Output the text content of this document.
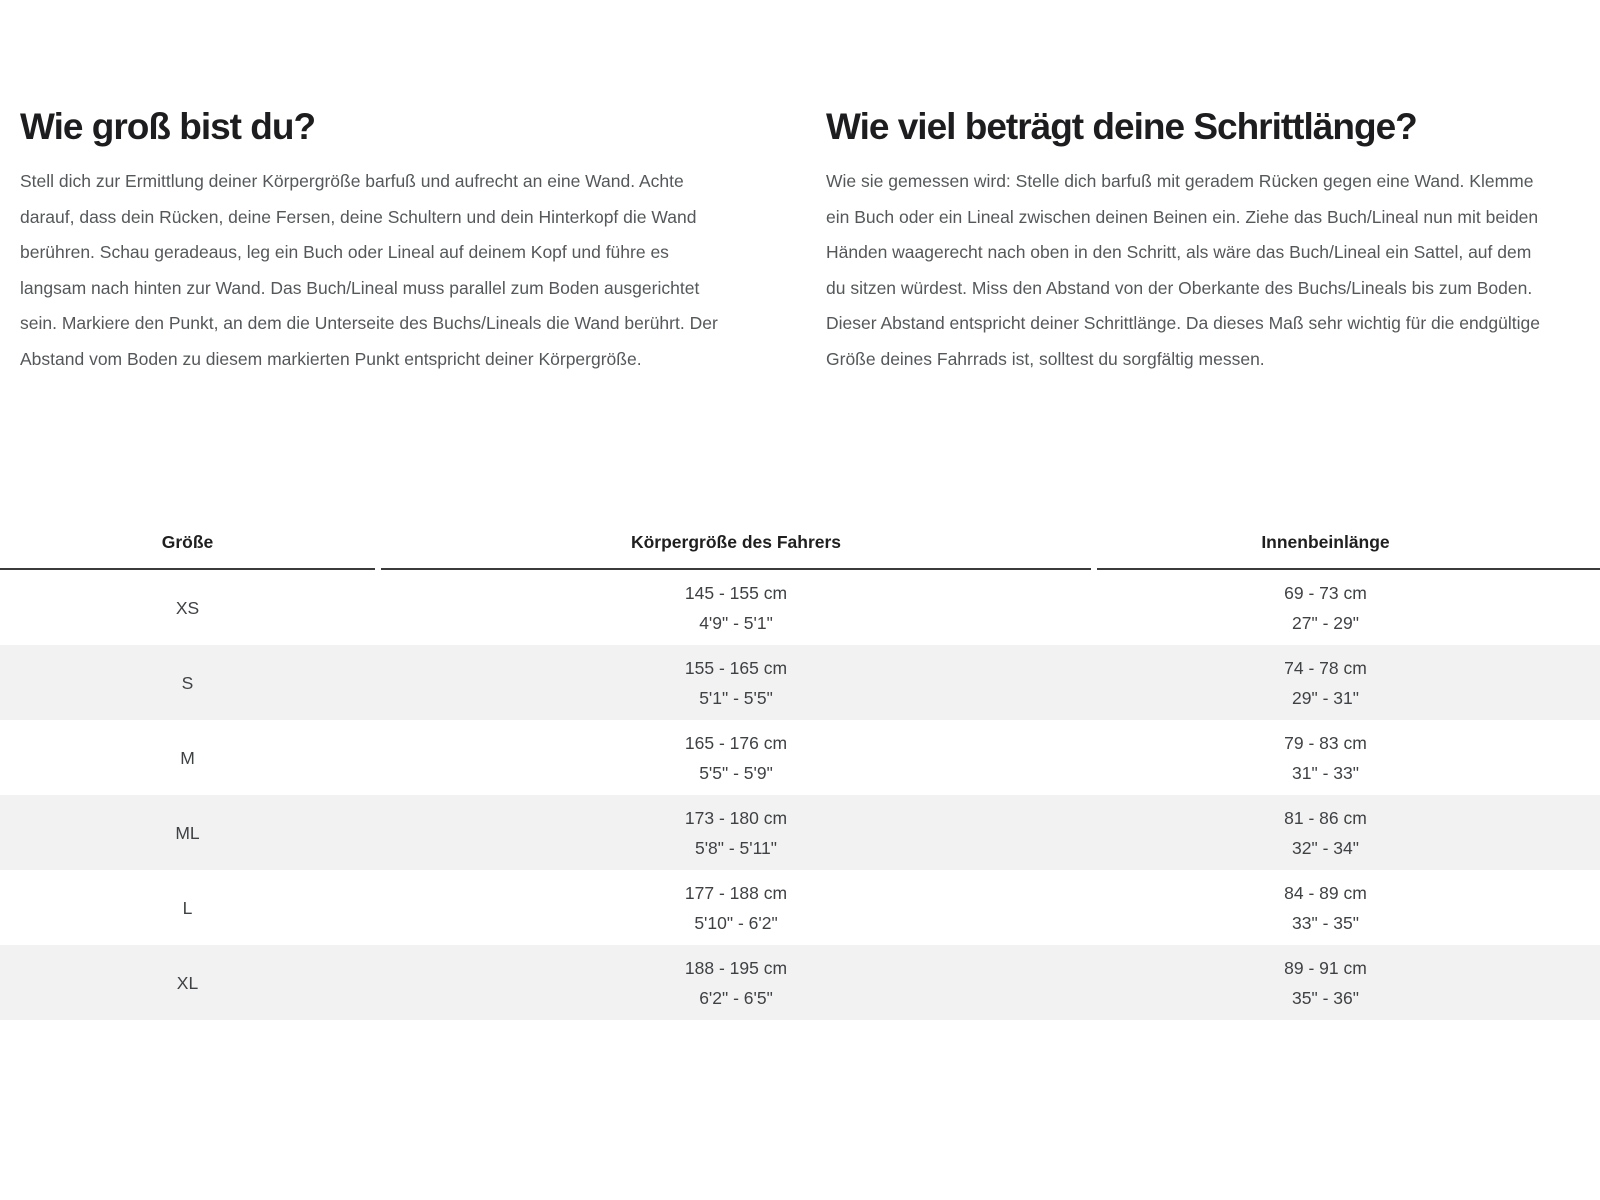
Wie groß bist du?

Stell dich zur Ermittlung deiner Körpergröße barfuß und aufrecht an eine Wand. Achte darauf, dass dein Rücken, deine Fersen, deine Schultern und dein Hinterkopf die Wand berühren. Schau geradeaus, leg ein Buch oder Lineal auf deinem Kopf und führe es langsam nach hinten zur Wand. Das Buch/Lineal muss parallel zum Boden ausgerichtet sein. Markiere den Punkt, an dem die Unterseite des Buchs/Lineals die Wand berührt. Der Abstand vom Boden zu diesem markierten Punkt entspricht deiner Körpergröße.

Wie viel beträgt deine Schrittlänge?

Wie sie gemessen wird: Stelle dich barfuß mit geradem Rücken gegen eine Wand. Klemme ein Buch oder ein Lineal zwischen deinen Beinen ein. Ziehe das Buch/Lineal nun mit beiden Händen waagerecht nach oben in den Schritt, als wäre das Buch/Lineal ein Sattel, auf dem du sitzen würdest. Miss den Abstand von der Oberkante des Buchs/Lineals bis zum Boden. Dieser Abstand entspricht deiner Schrittlänge. Da dieses Maß sehr wichtig für die endgültige Größe deines Fahrrads ist, solltest du sorgfältig messen.

Größe	Körpergröße des Fahrers	Innenbeinlänge
XS
145 - 155 cm
4'9" - 5'1"
69 - 73 cm
27" - 29"
S
155 - 165 cm
5'1" - 5'5"
74 - 78 cm
29" - 31"
M
165 - 176 cm
5'5" - 5'9"
79 - 83 cm
31" - 33"
ML
173 - 180 cm
5'8" - 5'11"
81 - 86 cm
32" - 34"
L
177 - 188 cm
5'10" - 6'2"
84 - 89 cm
33" - 35"
XL
188 - 195 cm
6'2" - 6'5"
89 - 91 cm
35" - 36"
